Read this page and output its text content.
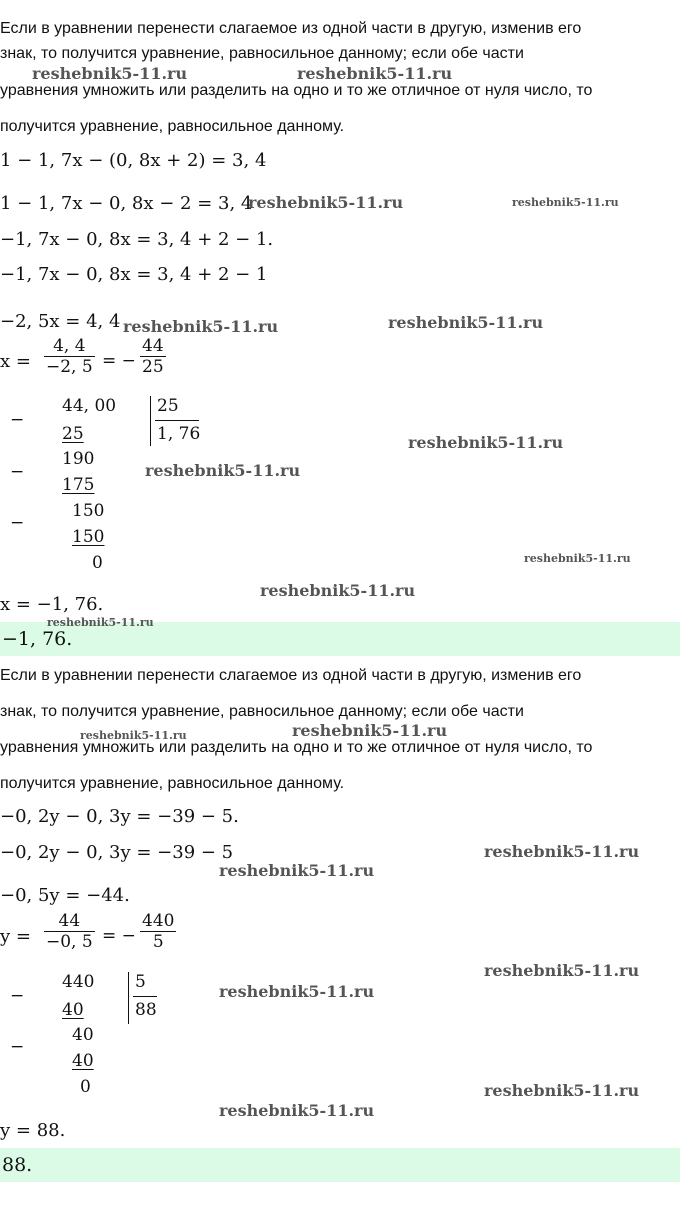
Если в уравнении перенести слагаемое из одной части в другую, изменив его
знак, то получится уравнение, равносильное данному; если обе части
уравнения умножить или разделить на одно и то же отличное от нуля число, то
получится уравнение, равносильное данному.
1 − 1, 7x − (0, 8x + 2) = 3, 4
1 − 1, 7x − 0, 8x − 2 = 3, 4
−1, 7x − 0, 8x = 3, 4 + 2 − 1.
−1, 7x − 0, 8x = 3, 4 + 2 − 1
−2, 5x = 4, 4
x =
4, 4
−2, 5 = −
44
25
−
44, 00 25
1, 76
25
−
190
175
−
150
150
0
x = −1, 76.
−1, 76.
Если в уравнении перенести слагаемое из одной части в другую, изменив его
знак, то получится уравнение, равносильное данному; если обе части
уравнения умножить или разделить на одно и то же отличное от нуля число, то
получится уравнение, равносильное данному.
−0, 2y − 0, 3y = −39 − 5.
−0, 2y − 0, 3y = −39 − 5
−0, 5y = −44.
y =
44
−0, 5 = −
440
5
−
440 5
88
40
−
40
40
0
y = 88.
88.
reshebnik5-11.ru	reshebnik5-11.ru
reshebnik5-11.ru	reshebnik5-11.ru
reshebnik5-11.ru	reshebnik5-11.ru
reshebnik5-11.ru
reshebnik5-11.ru
reshebnik5-11.ru
reshebnik5-11.ru
reshebnik5-11.ru
reshebnik5-11.ru	reshebnik5-11.ru
reshebnik5-11.ru
reshebnik5-11.ru
reshebnik5-11.ru
reshebnik5-11.ru
reshebnik5-11.ru
reshebnik5-11.ru
